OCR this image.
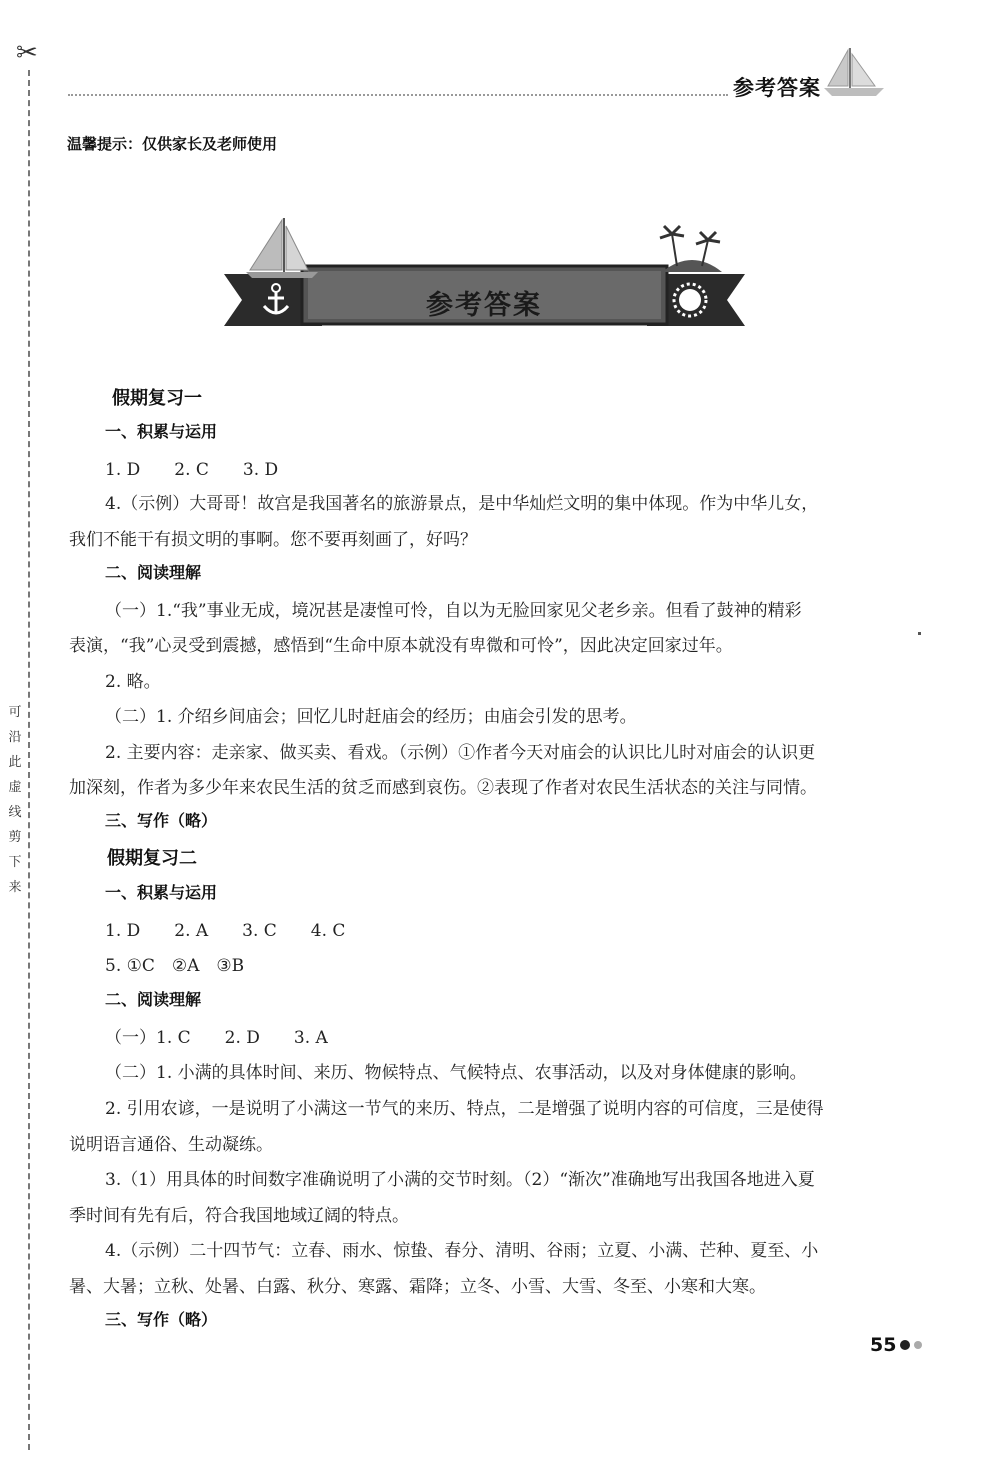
✂
可沿此虚线剪下来
参考答案
温馨提示：仅供家长及老师使用
参考答案
假期复习一
一、积累与运用
1. D　　2. C　　3. D
4.（示例）大哥哥！故宫是我国著名的旅游景点，是中华灿烂文明的集中体现。作为中华儿女，
我们不能干有损文明的事啊。您不要再刻画了，好吗？
二、阅读理解
（一）1.“我”事业无成，境况甚是凄惶可怜，自以为无脸回家见父老乡亲。但看了鼓神的精彩
表演，“我”心灵受到震撼，感悟到“生命中原本就没有卑微和可怜”，因此决定回家过年。
2. 略。
（二）1. 介绍乡间庙会；回忆儿时赶庙会的经历；由庙会引发的思考。
2. 主要内容：走亲家、做买卖、看戏。（示例）①作者今天对庙会的认识比儿时对庙会的认识更
加深刻，作者为多少年来农民生活的贫乏而感到哀伤。②表现了作者对农民生活状态的关注与同情。
三、写作（略）
假期复习二
一、积累与运用
1. D　　2. A　　3. C　　4. C
5. ①C　②A　③B
二、阅读理解
（一）1. C　　2. D　　3. A
（二）1. 小满的具体时间、来历、物候特点、气候特点、农事活动，以及对身体健康的影响。
2. 引用农谚，一是说明了小满这一节气的来历、特点，二是增强了说明内容的可信度，三是使得
说明语言通俗、生动凝练。
3.（1）用具体的时间数字准确说明了小满的交节时刻。（2）“渐次”准确地写出我国各地进入夏
季时间有先有后，符合我国地域辽阔的特点。
4.（示例）二十四节气：立春、雨水、惊蛰、春分、清明、谷雨；立夏、小满、芒种、夏至、小
暑、大暑；立秋、处暑、白露、秋分、寒露、霜降；立冬、小雪、大雪、冬至、小寒和大寒。
三、写作（略）
55
